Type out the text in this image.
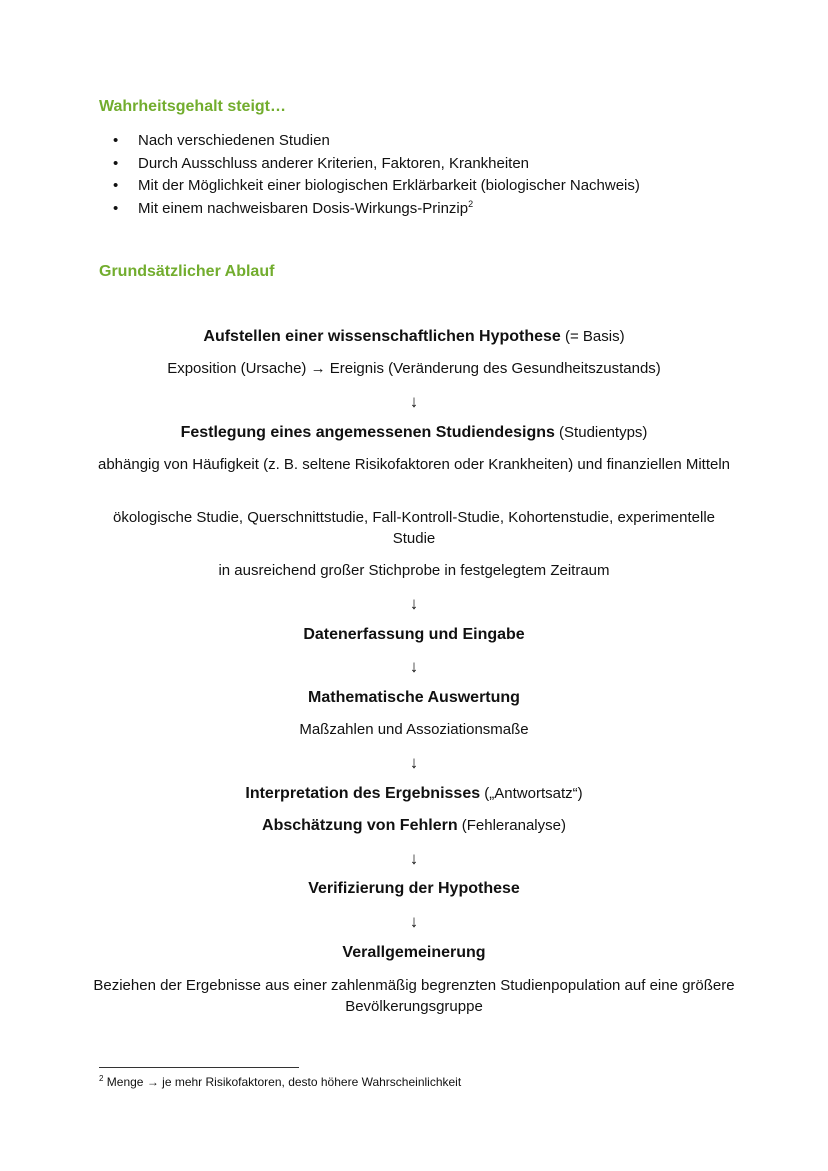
Wahrheitsgehalt steigt…
• Nach verschiedenen Studien
• Durch Ausschluss anderer Kriterien, Faktoren, Krankheiten
• Mit der Möglichkeit einer biologischen Erklärbarkeit (biologischer Nachweis)
• Mit einem nachweisbaren Dosis-Wirkungs-Prinzip$^2$
Grundsätzlicher Ablauf
Aufstellen einer wissenschaftlichen Hypothese (= Basis)
Exposition (Ursache) → Ereignis (Veränderung des Gesundheitszustands)
↓
Festlegung eines angemessenen Studiendesigns (Studientyps)
abhängig von Häufigkeit (z. B. seltene Risikofaktoren oder Krankheiten) und finanziellen Mitteln
ökologische Studie, Querschnittstudie, Fall-Kontroll-Studie, Kohortenstudie, experimentelle Studie
in ausreichend großer Stichprobe in festgelegtem Zeitraum
↓
Datenerfassung und Eingabe
↓
Mathematische Auswertung
Maßzahlen und Assoziationsmaße
↓
Interpretation des Ergebnisses („Antwortsatz“)
Abschätzung von Fehlern (Fehleranalyse)
↓
Verifizierung der Hypothese
↓
Verallgemeinerung
Beziehen der Ergebnisse aus einer zahlenmäßig begrenzten Studienpopulation auf eine größere Bevölkerungsgruppe
$^2$ Menge → je mehr Risikofaktoren, desto höhere Wahrscheinlichkeit
